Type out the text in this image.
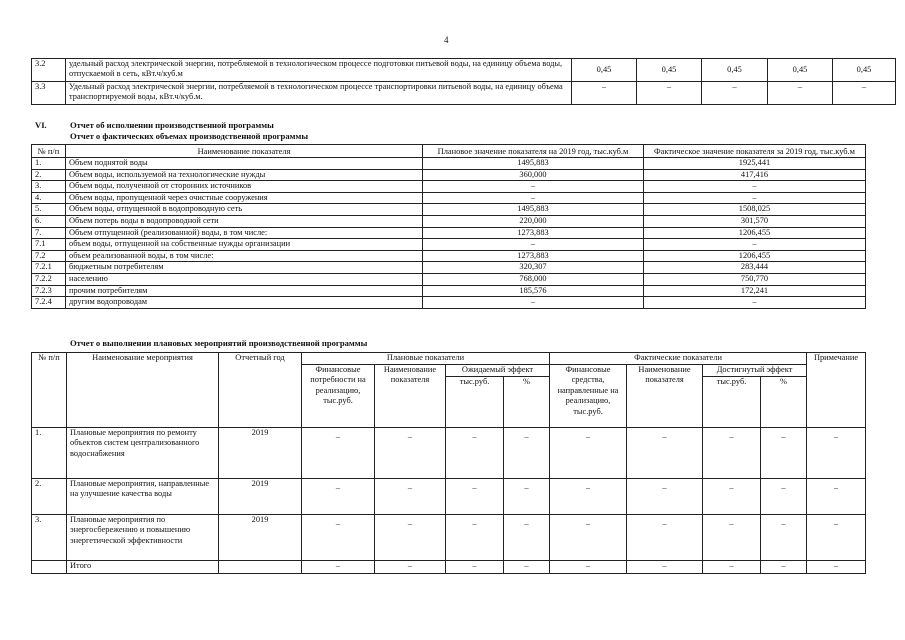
4
3.2	удельный расход электрической энергии, потребляемой в технологическом процессе подготовки питьевой воды, на единицу объема воды, отпускаемой в сеть, кВт.ч/куб.м	0,45	0,45	0,45	0,45	0,45
3.3	Удельный расход электрической энергии, потребляемой в технологическом процессе транспортировки питьевой воды, на единицу объема транспортируемой воды, кВт.ч/куб.м.	–	–	–	–	–
VI.	Отчет об исполнении производственной программы
Отчет о фактических объемах производственной программы
№ п/п	Наименование показателя	Плановое значение показателя на 2019 год, тыс.куб.м	Фактическое значение показателя за 2019 год, тыс.куб.м
1.	Объем поднятой воды	1495,883	1925,441
2.	Объем воды, используемой на технологические нужды	360,000	417,416
3.	Объем воды, полученной от сторонних источников	–	–
4.	Объем воды, пропущенной через очистные сооружения	–	–
5.	Объем воды, отпущенной в водопроводную сеть	1495,883	1508,025
6.	Объем потерь воды в водопроводной сети	220,000	301,570
7.	Объем отпущенной (реализованной) воды, в том числе:	1273,883	1206,455
7.1	объем воды, отпущенной на собственные нужды организации	–	–
7.2	объем реализованной воды, в том числе:	1273,883	1206,455
7.2.1	бюджетным потребителям	320,307	283,444
7.2.2	населению	768,000	750,770
7.2.3	прочим потребителям	185,576	172,241
7.2.4	другим водопроводам	–	–
Отчет о выполнении плановых мероприятий производственной программы
№ п/п	Наименование мероприятия	Отчетный год	Плановые показатели				Фактические показатели				Примечание
			Финансовые потребности на реализацию, тыс.руб.	Наименование показателя	Ожидаемый эффект		Финансовые средства, направленные на реализацию, тыс.руб.	Наименование показателя	Достигнутый эффект		
					тыс.руб.	%			тыс.руб.	%	
1.	Плановые мероприятия по ремонту объектов систем централизованного водоснабжения	2019	–	–	–	–	–	–	–	–	–
2.	Плановые мероприятия, направленные на улучшение качества воды	2019	–	–	–	–	–	–	–	–	–
3.	Плановые мероприятия по энергосбережению и повышению энергетической эффективности	2019	–	–	–	–	–	–	–	–	–
	Итого		–	–	–	–	–	–	–	–	–
